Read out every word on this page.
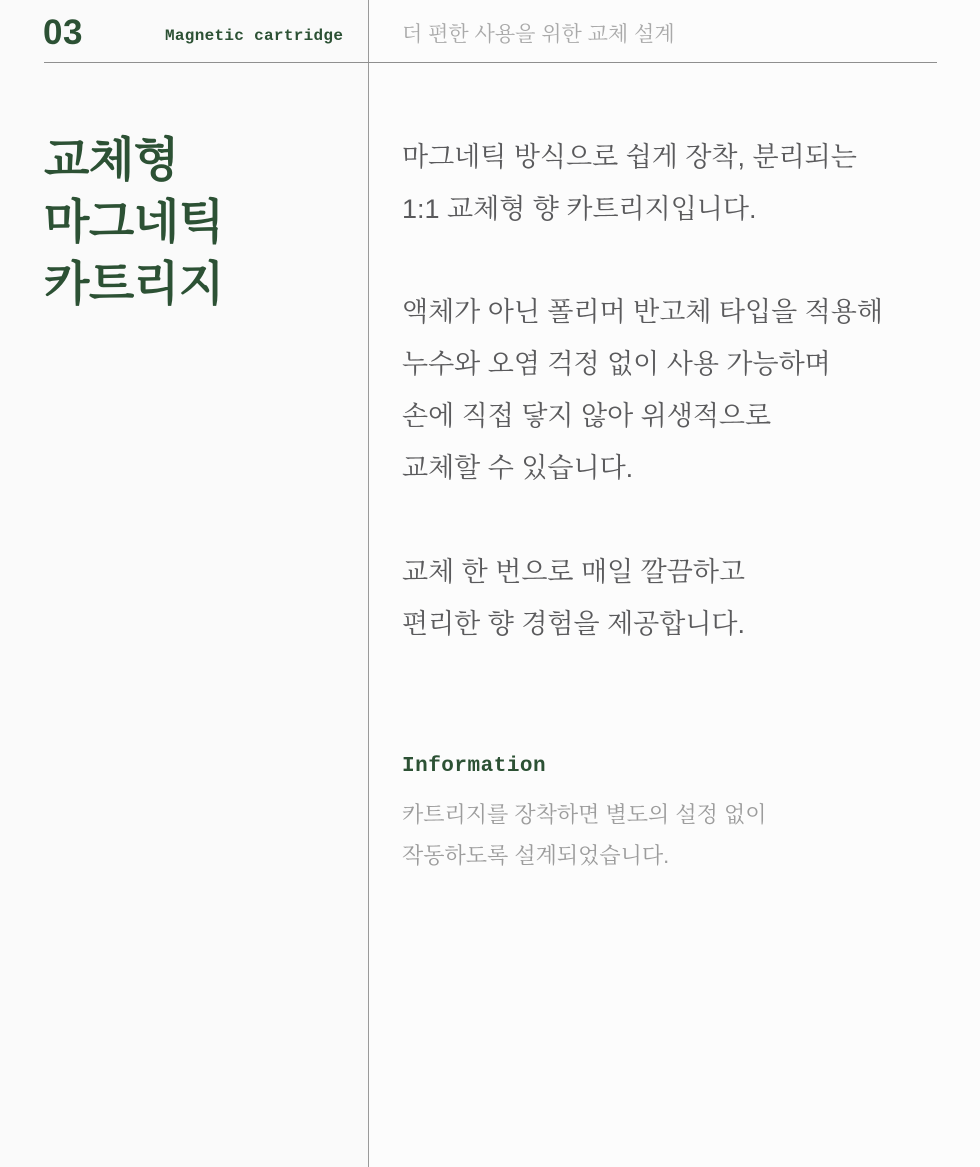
03	Magnetic cartridge	더 편한 사용을 위한 교체 설계
교체형
마그네틱
카트리지
마그네틱 방식으로 쉽게 장착, 분리되는
1:1 교체형 향 카트리지입니다.
액체가 아닌 폴리머 반고체 타입을 적용해
누수와 오염 걱정 없이 사용 가능하며
손에 직접 닿지 않아 위생적으로
교체할 수 있습니다.
교체 한 번으로 매일 깔끔하고
편리한 향 경험을 제공합니다.
Information
카트리지를 장착하면 별도의 설정 없이
작동하도록 설계되었습니다.
